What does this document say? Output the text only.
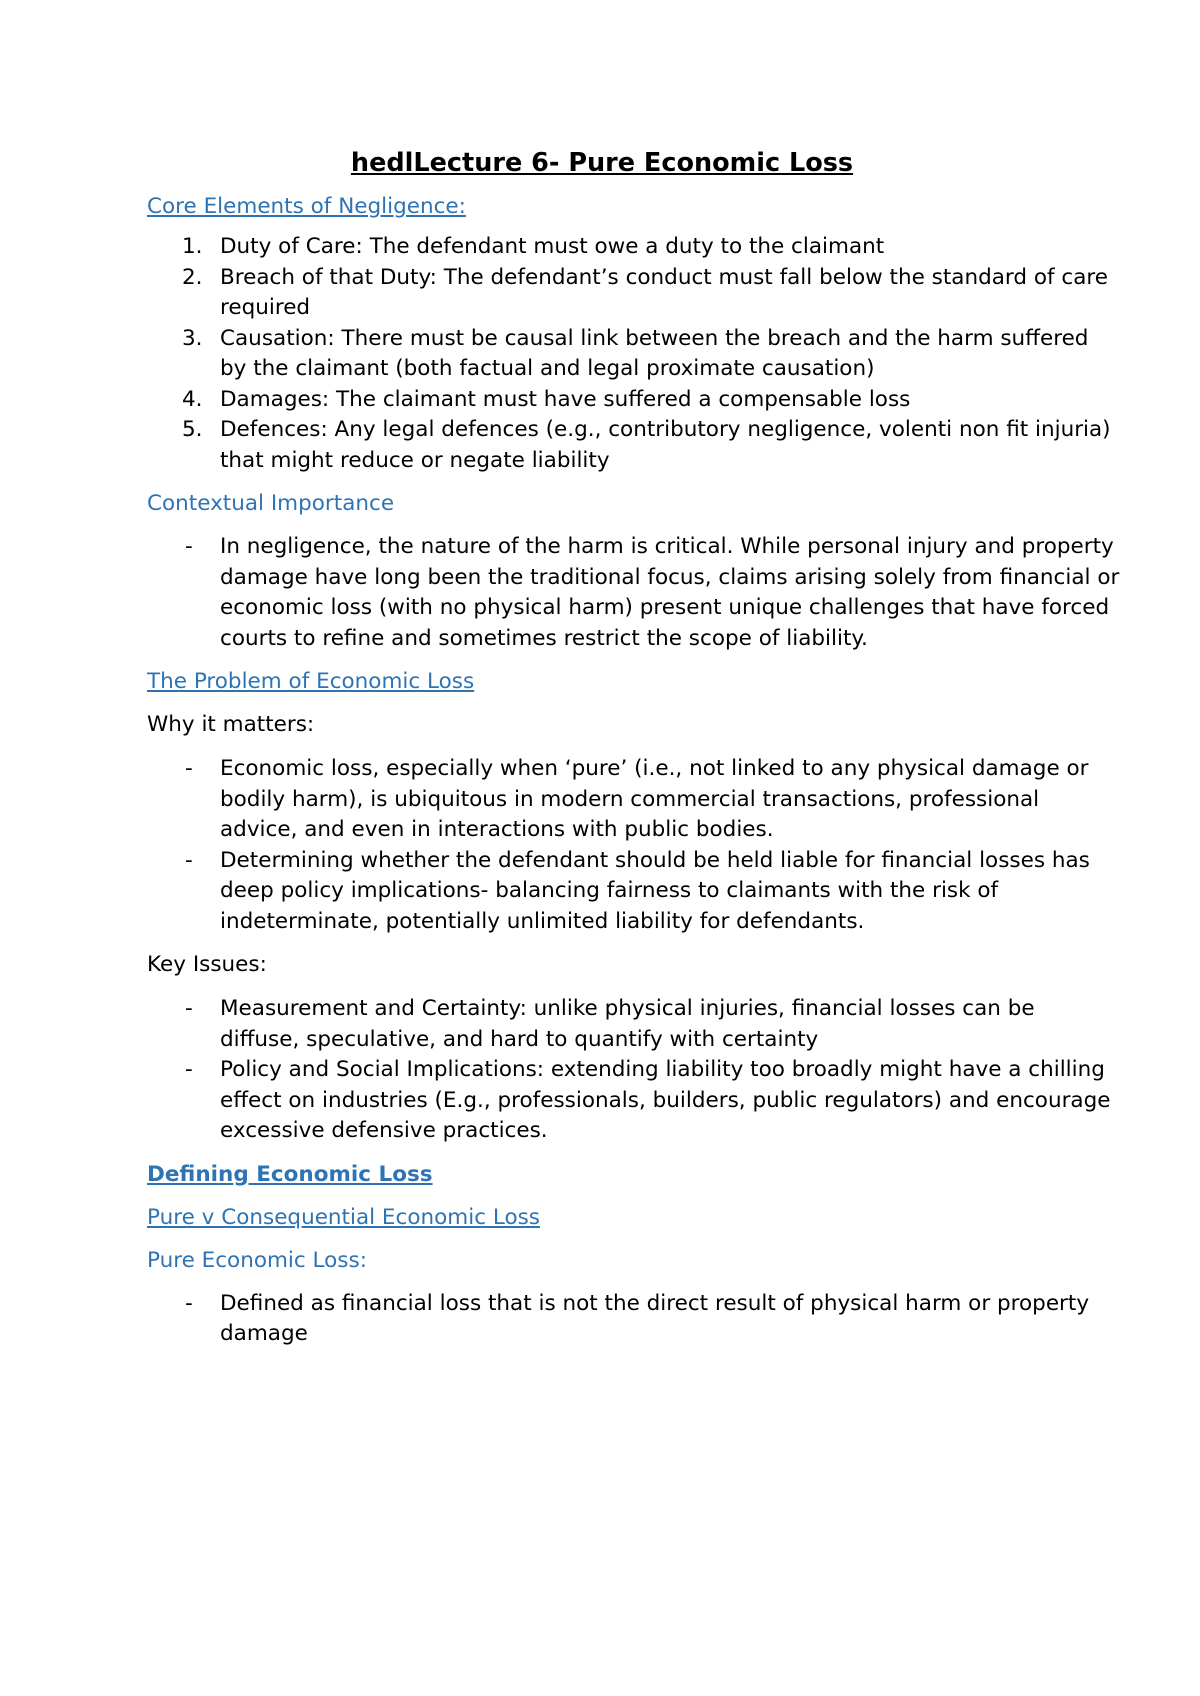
hedlLecture 6- Pure Economic Loss

Core Elements of Negligence:

1. Duty of Care: The defendant must owe a duty to the claimant
2. Breach of that Duty: The defendant’s conduct must fall below the standard of care required
3. Causation: There must be causal link between the breach and the harm suffered by the claimant (both factual and legal proximate causation)
4. Damages: The claimant must have suffered a compensable loss
5. Defences: Any legal defences (e.g., contributory negligence, volenti non fit injuria) that might reduce or negate liability

Contextual Importance

- In negligence, the nature of the harm is critical. While personal injury and property damage have long been the traditional focus, claims arising solely from financial or economic loss (with no physical harm) present unique challenges that have forced courts to refine and sometimes restrict the scope of liability.

The Problem of Economic Loss

Why it matters:

- Economic loss, especially when ‘pure’ (i.e., not linked to any physical damage or bodily harm), is ubiquitous in modern commercial transactions, professional advice, and even in interactions with public bodies.
- Determining whether the defendant should be held liable for financial losses has deep policy implications- balancing fairness to claimants with the risk of indeterminate, potentially unlimited liability for defendants.

Key Issues:

- Measurement and Certainty: unlike physical injuries, financial losses can be diffuse, speculative, and hard to quantify with certainty
- Policy and Social Implications: extending liability too broadly might have a chilling effect on industries (E.g., professionals, builders, public regulators) and encourage excessive defensive practices.

Defining Economic Loss

Pure v Consequential Economic Loss

Pure Economic Loss:

- Defined as financial loss that is not the direct result of physical harm or property damage
